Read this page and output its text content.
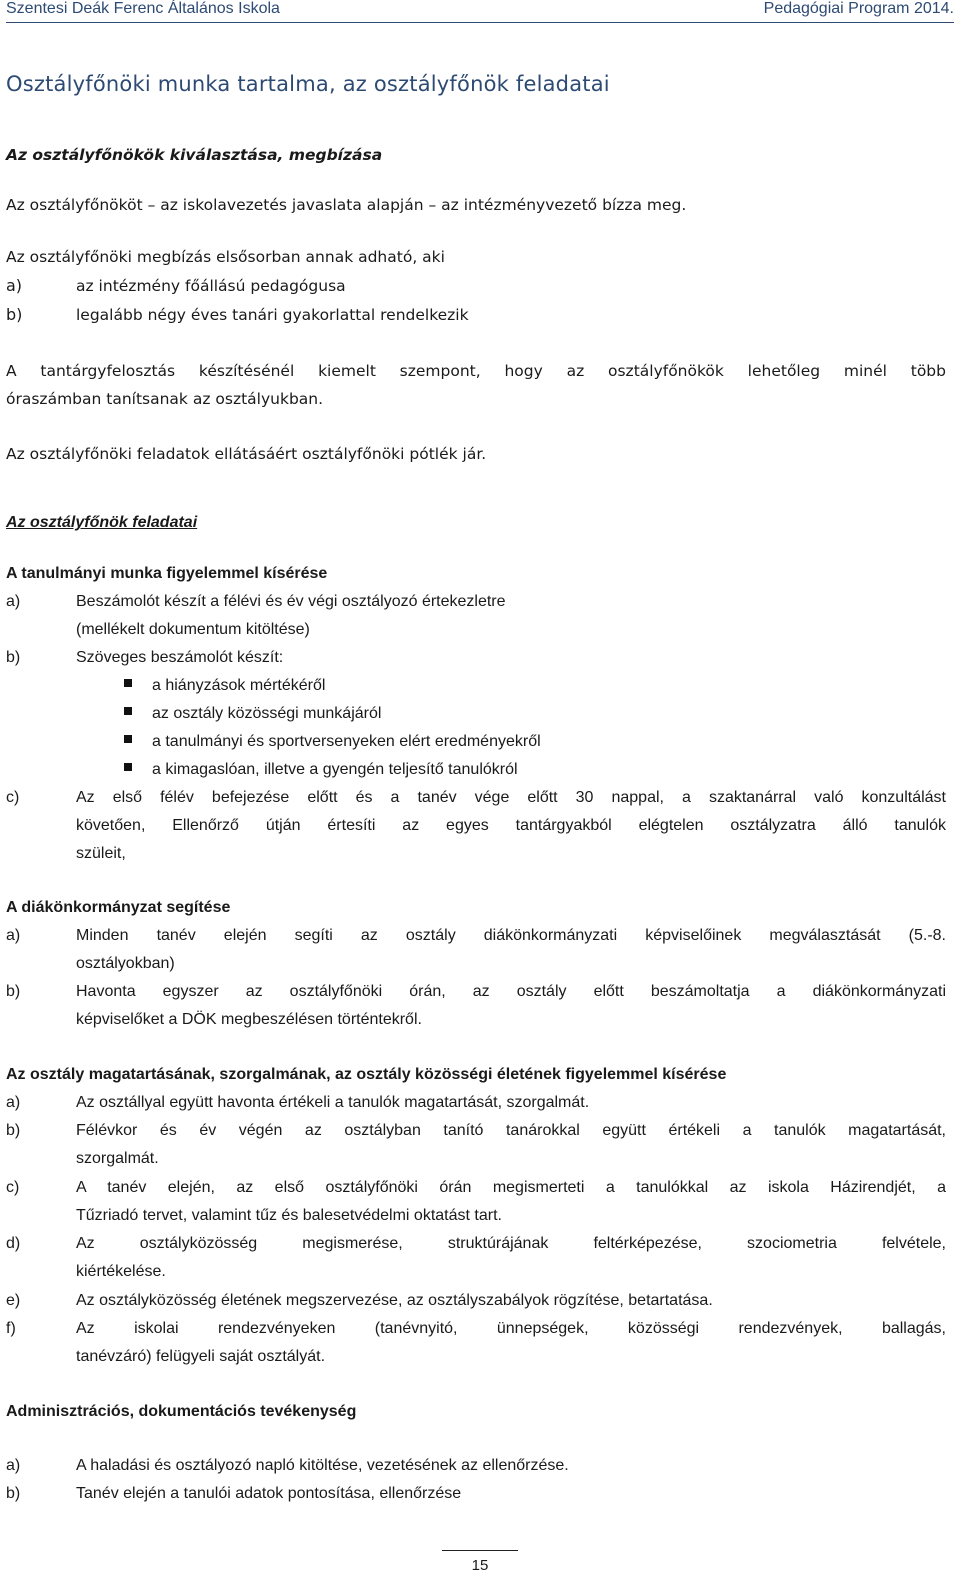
Szentesi Deák Ferenc Általános Iskola	Pedagógiai Program 2014.
Osztályfőnöki munka tartalma, az osztályfőnök feladatai
Az osztályfőnökök kiválasztása, megbízása
Az osztályfőnököt – az iskolavezetés javaslata alapján – az intézményvezető bízza meg.
Az osztályfőnöki megbízás elsősorban annak adható, aki
a)	az intézmény főállású pedagógusa
b)	legalább négy éves tanári gyakorlattal rendelkezik
A tantárgyfelosztás készítésénél kiemelt szempont, hogy az osztályfőnökök lehetőleg minél több
óraszámban tanítsanak az osztályukban.
Az osztályfőnöki feladatok ellátásáért osztályfőnöki pótlék jár.
Az osztályfőnök feladatai
A tanulmányi munka figyelemmel kísérése
a)	Beszámolót készít a félévi és év végi osztályozó értekezletre
(mellékelt dokumentum kitöltése)
b)	Szöveges beszámolót készít:
a hiányzások mértékéről
az osztály közösségi munkájáról
a tanulmányi és sportversenyeken elért eredményekről
a kimagaslóan, illetve a gyengén teljesítő tanulókról
c)	Az első félév befejezése előtt és a tanév vége előtt 30 nappal, a szaktanárral való konzultálást
követően, Ellenőrző útján értesíti az egyes tantárgyakból elégtelen osztályzatra álló tanulók
szüleit,
A diákönkormányzat segítése
a)	Minden tanév elején segíti az osztály diákönkormányzati képviselőinek megválasztását (5.-8.
osztályokban)
b)	Havonta egyszer az osztályfőnöki órán, az osztály előtt beszámoltatja a diákönkormányzati
képviselőket a DÖK megbeszélésen történtekről.
Az osztály magatartásának, szorgalmának, az osztály közösségi életének figyelemmel kísérése
a)	Az osztállyal együtt havonta értékeli a tanulók magatartását, szorgalmát.
b)	Félévkor és év végén az osztályban tanító tanárokkal együtt értékeli a tanulók magatartását,
szorgalmát.
c)	A tanév elején, az első osztályfőnöki órán megismerteti a tanulókkal az iskola Házirendjét, a
Tűzriadó tervet, valamint tűz és balesetvédelmi oktatást tart.
d)	Az osztályközösség megismerése, struktúrájának feltérképezése, szociometria felvétele,
kiértékelése.
e)	Az osztályközösség életének megszervezése, az osztályszabályok rögzítése, betartatása.
f)	Az iskolai rendezvényeken (tanévnyitó, ünnepségek, közösségi rendezvények, ballagás,
tanévzáró) felügyeli saját osztályát.
Adminisztrációs, dokumentációs tevékenység
a)	A haladási és osztályozó napló kitöltése, vezetésének az ellenőrzése.
b)	Tanév elején a tanulói adatok pontosítása, ellenőrzése
15
